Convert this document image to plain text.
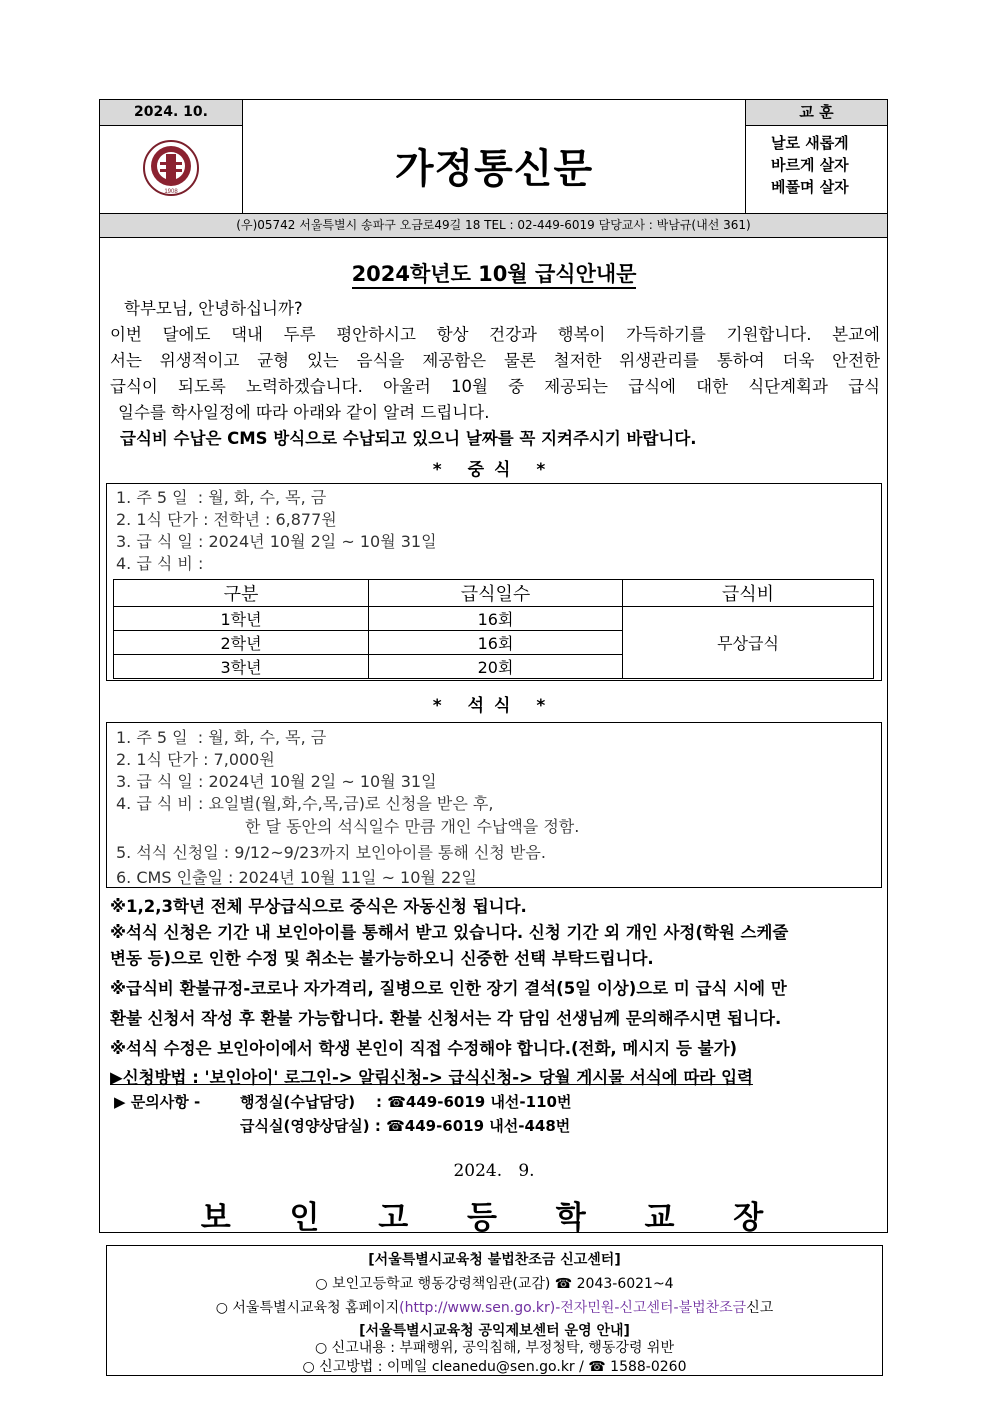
2024. 10.	교 훈
가정통신문
날로 새롭게
바르게 살자
베풀며 살자
(우)05742 서울특별시 송파구 오금로49길 18 TEL : 02-449-6019 담당교사 : 박남규(내선 361)
1908
2024학년도 10월 급식안내문
학부모님, 안녕하십니까?
이번 달에도 댁내 두루 평안하시고 항상 건강과 행복이 가득하기를 기원합니다. 본교에
서는 위생적이고 균형 있는 음식을 제공함은 물론 철저한 위생관리를 통하여 더욱 안전한
급식이 되도록 노력하겠습니다. 아울러 10월 중 제공되는 급식에 대한 식단계획과 급식
일수를 학사일정에 따라 아래와 같이 알려 드립니다.
급식비 수납은 CMS 방식으로 수납되고 있으니 날짜를 꼭 지켜주시기 바랍니다.
* 중식 *
1. 주 5 일  : 월, 화, 수, 목, 금
2. 1식 단가 : 전학년 : 6,877원
3. 급 식 일 : 2024년 10월 2일 ~ 10월 31일
4. 급 식 비 :
구분	급식일수	급식비
1학년	16회	무상급식
2학년	16회	
3학년	20회	
* 석식 *
1. 주 5 일  : 월, 화, 수, 목, 금
2. 1식 단가 : 7,000원
3. 급 식 일 : 2024년 10월 2일 ~ 10월 31일
4. 급 식 비 : 요일별(월,화,수,목,금)로 신청을 받은 후,
한 달 동안의 석식일수 만큼 개인 수납액을 정함.
5. 석식 신청일 : 9/12~9/23까지 보인아이를 통해 신청 받음.
6. CMS 인출일 : 2024년 10월 11일 ~ 10월 22일
※1,2,3학년 전체 무상급식으로 중식은 자동신청 됩니다.
※석식 신청은 기간 내 보인아이를 통해서 받고 있습니다. 신청 기간 외 개인 사정(학원 스케줄
변동 등)으로 인한 수정 및 취소는 불가능하오니 신중한 선택 부탁드립니다.
※급식비 환불규정-코로나 자가격리, 질병으로 인한 장기 결석(5일 이상)으로 미 급식 시에 만
환불 신청서 작성 후 환불 가능합니다. 환불 신청서는 각 담임 선생님께 문의해주시면 됩니다.
※석식 수정은 보인아이에서 학생 본인이 직접 수정해야 합니다.(전화, 메시지 등 불가)
▶신청방법 : '보인아이' 로그인-> 알림신청-> 급식신청-> 당월 게시물 서식에 따라 입력
▶ 문의사항 -	행정실(수납담당)    : ☎449-6019 내선-110번
급식실(영양상담실) : ☎449-6019 내선-448번
2024.   9.
보 인 고 등 학 교 장
[서울특별시교육청 불법찬조금 신고센터]
○ 보인고등학교 행동강령책임관(교감) ☎ 2043-6021~4
○ 서울특별시교육청 홈페이지(http://www.sen.go.kr)-전자민원-신고센터-불법찬조금신고
[서울특별시교육청 공익제보센터 운영 안내]
○ 신고내용 : 부패행위, 공익침해, 부정청탁, 행동강령 위반
○ 신고방법 : 이메일 cleanedu@sen.go.kr / ☎ 1588-0260
